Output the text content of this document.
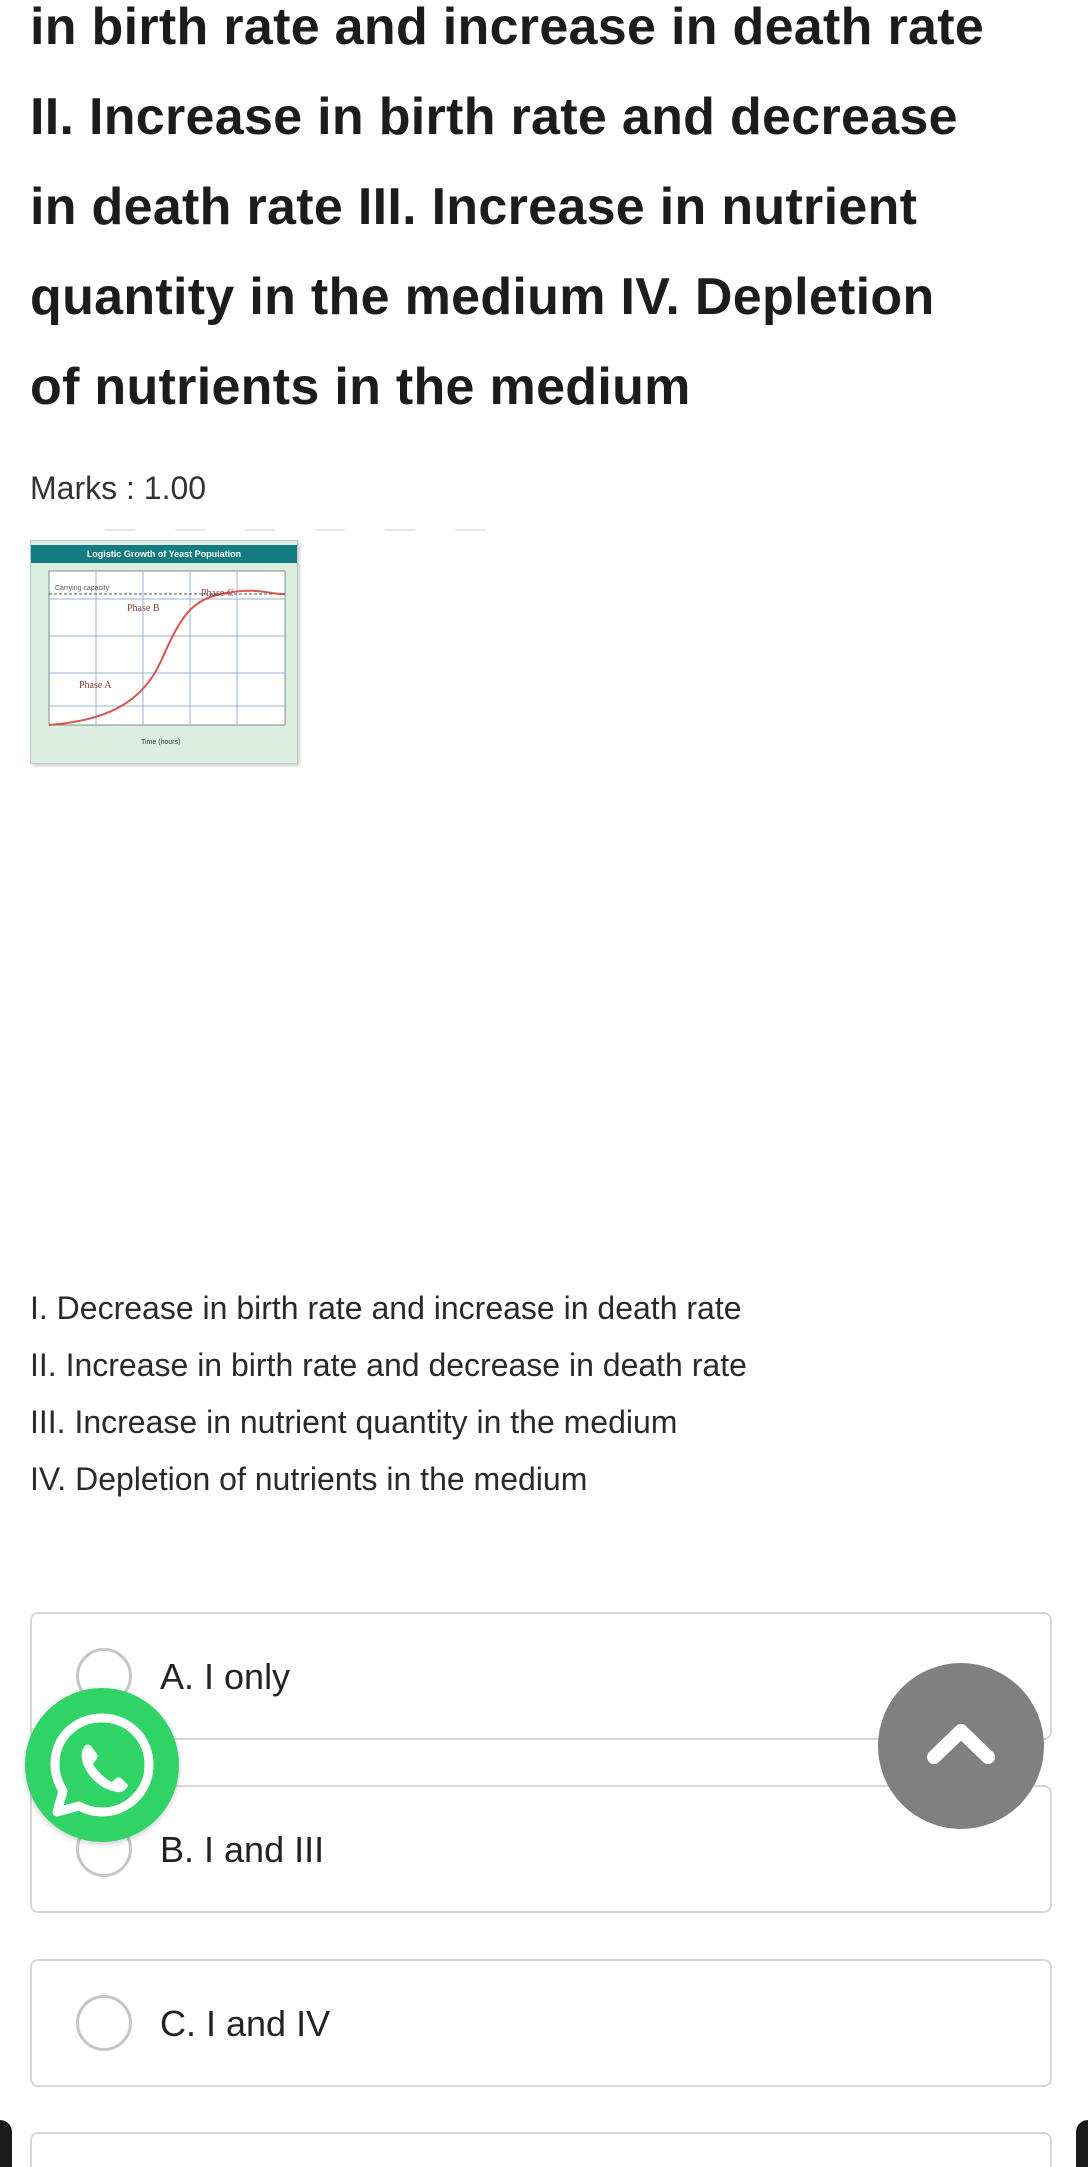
in birth rate and increase in death rate
II. Increase in birth rate and decrease
in death rate III. Increase in nutrient
quantity in the medium IV. Depletion
of nutrients in the medium
Marks : 1.00
Logistic Growth of Yeast Population
Carrying capacity
Phase B
Phase C
Phase A
Time (hours)
I. Decrease in birth rate and increase in death rate
II. Increase in birth rate and decrease in death rate
III. Increase in nutrient quantity in the medium
IV. Depletion of nutrients in the medium
A. I only
B. I and III
C. I and IV
